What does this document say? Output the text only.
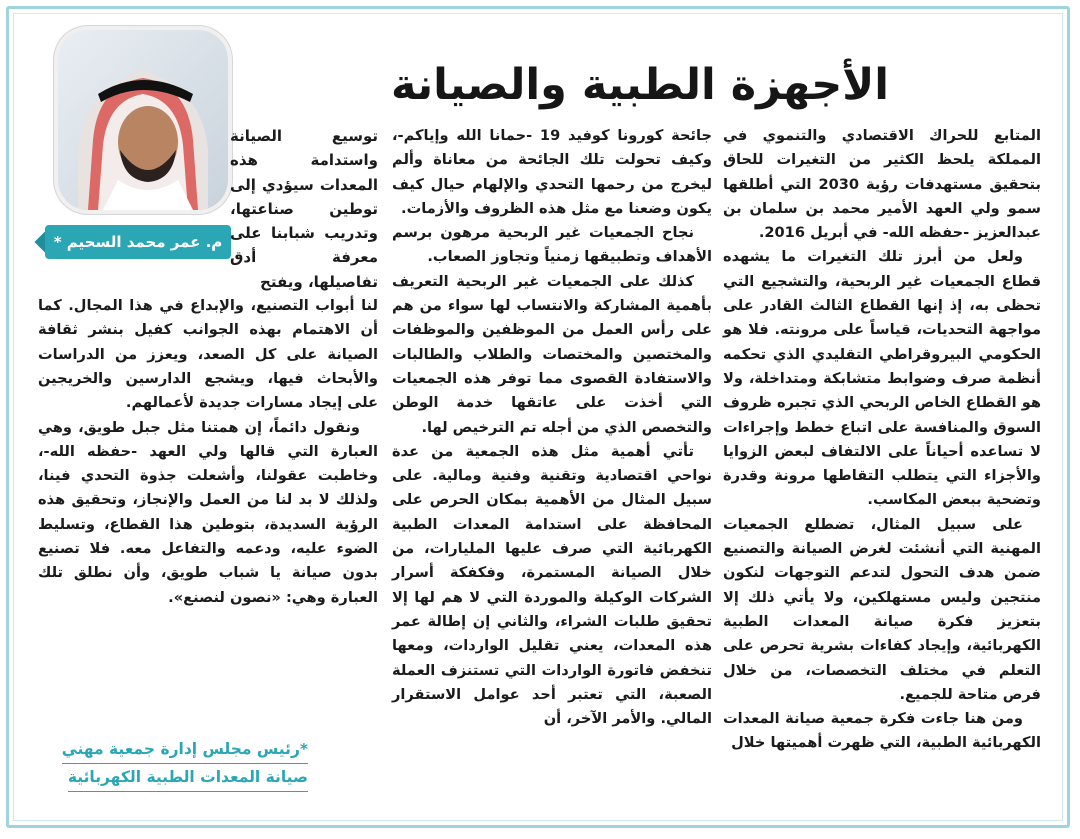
الأجهزة الطبية والصيانة
م. عمر محمد السحيم *

المتابع للحراك الاقتصادي والتنموي في المملكة يلحظ الكثير من التغيرات للحاق بتحقيق مستهدفات رؤية 2030 التي أطلقها سمو ولي العهد الأمير محمد بن سلمان بن عبدالعزيز -حفظه الله- في أبريل 2016.

ولعل من أبرز تلك التغيرات ما يشهده قطاع الجمعيات غير الربحية، والتشجيع التي تحظى به، إذ إنها القطاع الثالث القادر على مواجهة التحديات، قياساً على مرونته. فلا هو الحكومي البيروقراطي التقليدي الذي تحكمه أنظمة صرف وضوابط متشابكة ومتداخلة، ولا هو القطاع الخاص الربحي الذي تجبره ظروف السوق والمنافسة على اتباع خطط وإجراءات لا تساعده أحياناً على الالتفاف لبعض الزوايا والأجزاء التي يتطلب التقاطها مرونة وقدرة وتضحية ببعض المكاسب.

على سبيل المثال، تضطلع الجمعيات المهنية التي أنشئت لغرض الصيانة والتصنيع ضمن هدف التحول لتدعم التوجهات لنكون منتجين وليس مستهلكين، ولا يأتي ذلك إلا بتعزيز فكرة صيانة المعدات الطبية الكهربائية، وإيجاد كفاءات بشرية تحرص على التعلم في مختلف التخصصات، من خلال فرص متاحة للجميع.

ومن هنا جاءت فكرة جمعية صيانة المعدات الكهربائية الطبية، التي ظهرت أهميتها خلال

جائحة كورونا كوفيد 19 -حمانا الله وإياكم-، وكيف تحولت تلك الجائحة من معاناة وألم ليخرج من رحمها التحدي والإلهام حيال كيف يكون وضعنا مع مثل هذه الظروف والأزمات.

نجاح الجمعيات غير الربحية مرهون برسم الأهداف وتطبيقها زمنياً وتجاوز الصعاب.

كذلك على الجمعيات غير الربحية التعريف بأهمية المشاركة والانتساب لها سواء من هم على رأس العمل من الموظفين والموظفات والمختصين والمختصات والطلاب والطالبات والاستفادة القصوى مما توفر هذه الجمعيات التي أخذت على عاتقها خدمة الوطن والتخصص الذي من أجله تم الترخيص لها.

تأتي أهمية مثل هذه الجمعية من عدة نواحي اقتصادية وتقنية وفنية ومالية. على سبيل المثال من الأهمية بمكان الحرص على المحافظة على استدامة المعدات الطبية الكهربائية التي صرف عليها المليارات، من خلال الصيانة المستمرة، وفكفكة أسرار الشركات الوكيلة والموردة التي لا هم لها إلا تحقيق طلبات الشراء، والثاني إن إطالة عمر هذه المعدات، يعني تقليل الواردات، ومعها تنخفض فاتورة الواردات التي تستنزف العملة الصعبة، التي تعتبر أحد عوامل الاستقرار المالي. والأمر الآخر، أن

توسيع الصيانة واستدامة هذه المعدات سيؤدي إلى توطين صناعتها، وتدريب شبابنا على معرفة أدق تفاصيلها، ويفتح

لنا أبواب التصنيع، والإبداع في هذا المجال. كما أن الاهتمام بهذه الجوانب كفيل بنشر ثقافة الصيانة على كل الصعد، ويعزز من الدراسات والأبحاث فيها، ويشجع الدارسين والخريجين على إيجاد مسارات جديدة لأعمالهم.

ونقول دائماً، إن همتنا مثل جبل طويق، وهي العبارة التي قالها ولي العهد -حفظه الله-، وخاطبت عقولنا، وأشعلت جذوة التحدي فينا، ولذلك لا بد لنا من العمل والإنجاز، وتحقيق هذه الرؤية السديدة، بتوطين هذا القطاع، وتسليط الضوء عليه، ودعمه والتفاعل معه. فلا تصنيع بدون صيانة يا شباب طويق، وأن نطلق تلك العبارة وهي: «نصون لنصنع».

*رئيس مجلس إدارة جمعية مهني
صيانة المعدات الطبية الكهربائية
